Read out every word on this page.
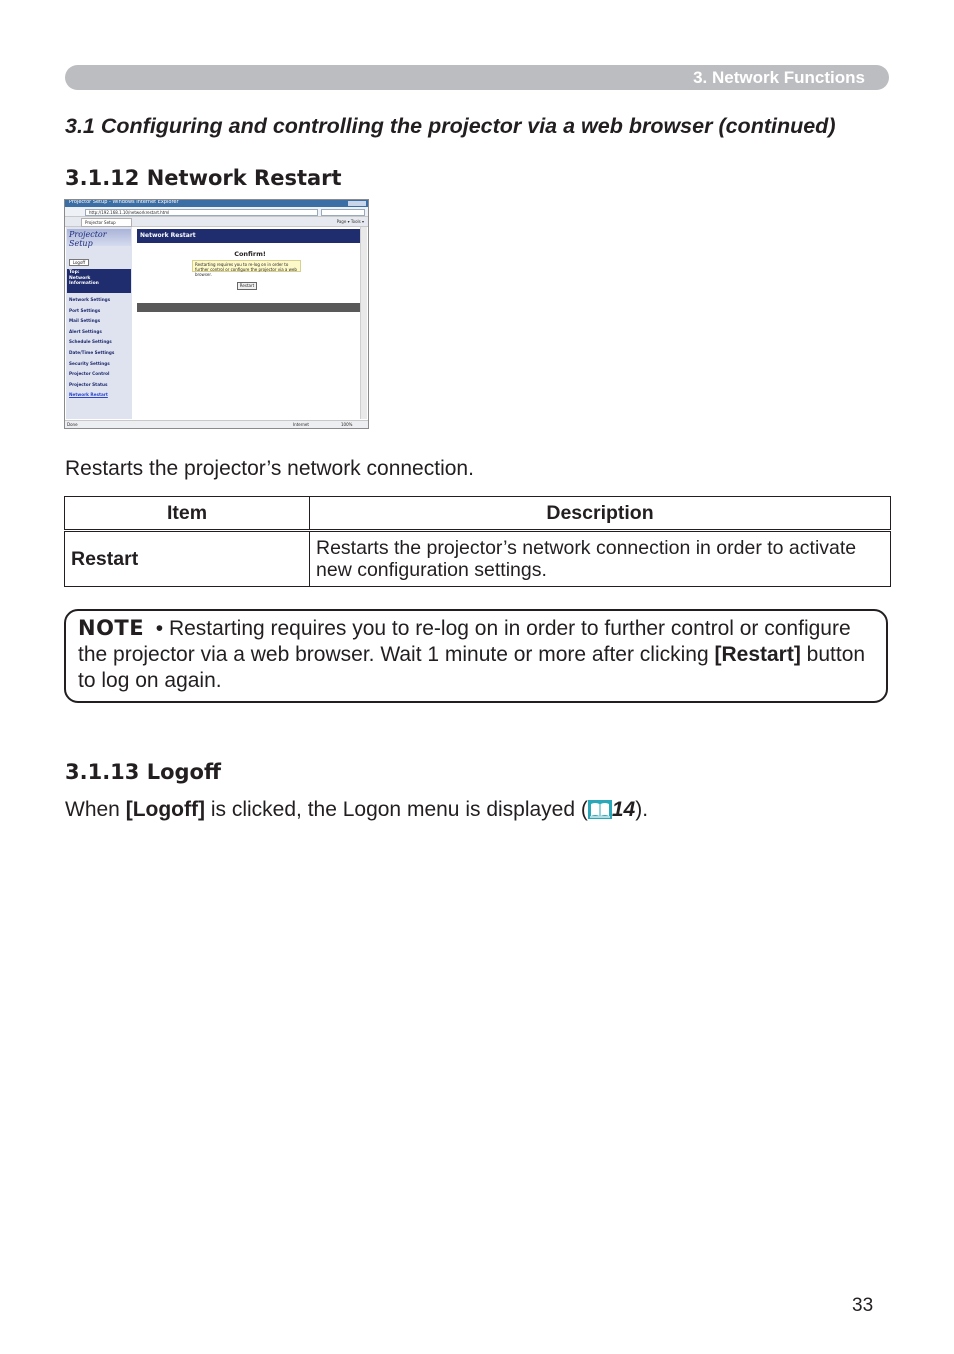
3. Network Functions
3.1 Configuring and controlling the projector via a web browser (continued)
3.1.12 Network Restart
Projector Setup - Windows Internet Explorer
http://192.168.1.10/networkrestart.html
Projector Setup	Page ▾ Tools ▾
Projector Setup
Logoff
Top:
Network
Information
Network Settings
Port Settings
Mail Settings
Alert Settings
Schedule Settings
Date/Time Settings
Security Settings
Projector Control
Projector Status
Network Restart
Network Restart
Confirm!
Restarting requires you to re-log on in order to further control or configure the projector via a web browser.
Restart
Done	Internet	100%
Restarts the projector’s network connection.
Item	Description
Restart	Restarts the projector’s network connection in order to activate new configuration settings.
NOTE  • Restarting requires you to re-log on in order to further control or configure the projector via a web browser. Wait 1 minute or more after clicking [Restart] button to log on again.
3.1.13 Logoff
When [Logoff] is clicked, the Logon menu is displayed ( 14).
33
